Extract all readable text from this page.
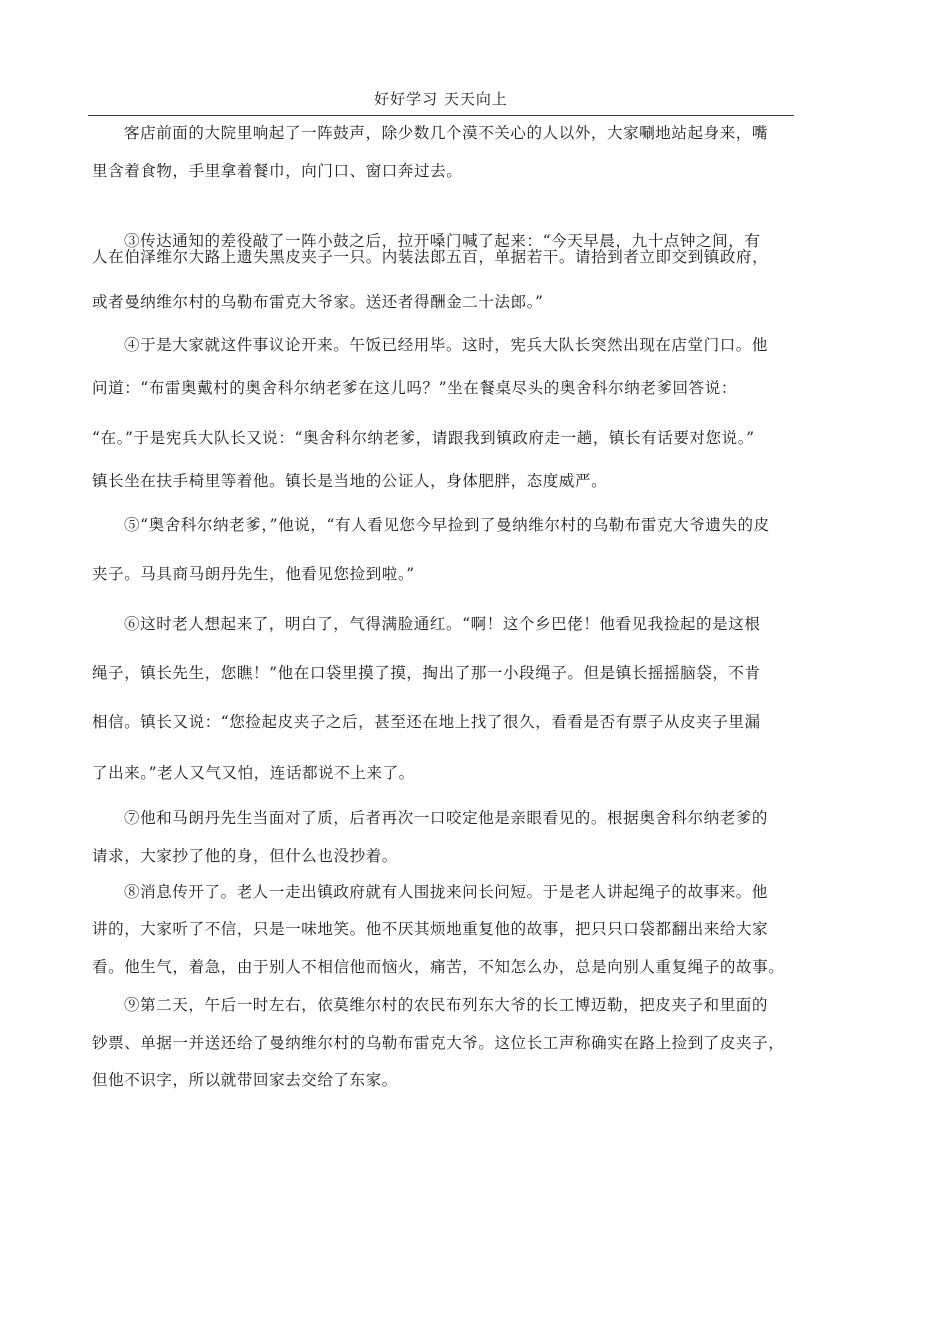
好好学习 天天向上
客店前面的大院里响起了一阵鼓声，除少数几个漠不关心的人以外，大家唰地站起身来，嘴
里含着食物，手里拿着餐巾，向门口、窗口奔过去。
③传达通知的差役敲了一阵小鼓之后，拉开嗓门喊了起来：“今天早晨，九十点钟之间，有
人在伯泽维尔大路上遗失黑皮夹子一只。内装法郎五百，单据若干。请拾到者立即交到镇政府，
或者曼纳维尔村的乌勒布雷克大爷家。送还者得酬金二十法郎。”
④于是大家就这件事议论开来。午饭已经用毕。这时，宪兵大队长突然出现在店堂门口。他
问道：“布雷奥戴村的奥舍科尔纳老爹在这儿吗？”坐在餐桌尽头的奥舍科尔纳老爹回答说：
“在。”于是宪兵大队长又说：“奥舍科尔纳老爹，请跟我到镇政府走一趟，镇长有话要对您说。”
镇长坐在扶手椅里等着他。镇长是当地的公证人，身体肥胖，态度威严。
⑤“奥舍科尔纳老爹，”他说，“有人看见您今早捡到了曼纳维尔村的乌勒布雷克大爷遗失的皮
夹子。马具商马朗丹先生，他看见您捡到啦。”
⑥这时老人想起来了，明白了，气得满脸通红。“啊！这个乡巴佬！他看见我捡起的是这根
绳子，镇长先生，您瞧！”他在口袋里摸了摸，掏出了那一小段绳子。但是镇长摇摇脑袋，不肯
相信。镇长又说：“您捡起皮夹子之后，甚至还在地上找了很久，看看是否有票子从皮夹子里漏
了出来。”老人又气又怕，连话都说不上来了。
⑦他和马朗丹先生当面对了质，后者再次一口咬定他是亲眼看见的。根据奥舍科尔纳老爹的
请求，大家抄了他的身，但什么也没抄着。
⑧消息传开了。老人一走出镇政府就有人围拢来问长问短。于是老人讲起绳子的故事来。他
讲的，大家听了不信，只是一味地笑。他不厌其烦地重复他的故事，把只只口袋都翻出来给大家
看。他生气，着急，由于别人不相信他而恼火，痛苦，不知怎么办，总是向别人重复绳子的故事。
⑨第二天，午后一时左右，依莫维尔村的农民布列东大爷的长工博迈勒，把皮夹子和里面的
钞票、单据一并送还给了曼纳维尔村的乌勒布雷克大爷。这位长工声称确实在路上捡到了皮夹子，
但他不识字，所以就带回家去交给了东家。
